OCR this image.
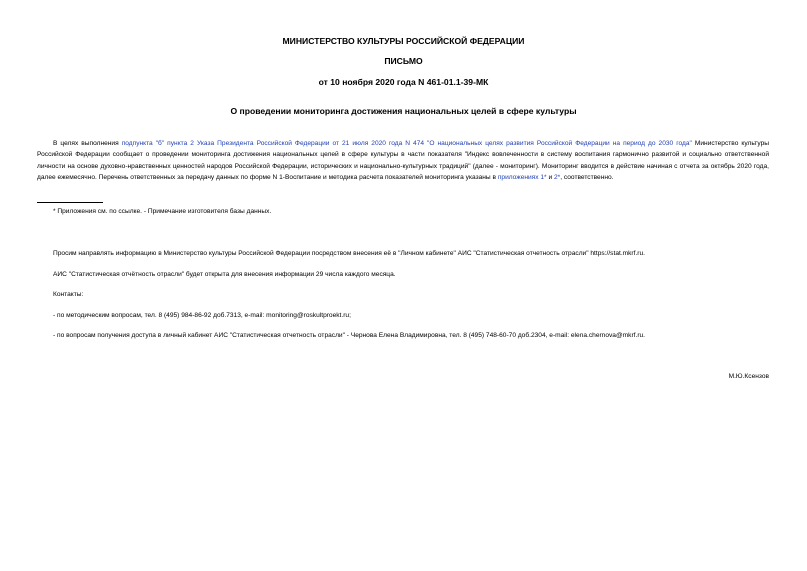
МИНИСТЕРСТВО КУЛЬТУРЫ РОССИЙСКОЙ ФЕДЕРАЦИИ
ПИСЬМО
от 10 ноября 2020 года N 461-01.1-39-МК
О проведении мониторинга достижения национальных целей в сфере культуры
В целях выполнения подпункта "б" пункта 2 Указа Президента Российской Федерации от 21 июля 2020 года N 474 "О национальных целях развития Российской Федерации на период до 2030 года" Министерство культуры Российской Федерации сообщает о проведении мониторинга достижения национальных целей в сфере культуры в части показателя "Индекс вовлеченности в систему воспитания гармонично развитой и социально ответственной личности на основе духовно-нравственных ценностей народов Российской Федерации, исторических и национально-культурных традиций" (далее - мониторинг). Мониторинг вводится в действие начиная с отчета за октябрь 2020 года, далее ежемесячно. Перечень ответственных за передачу данных по форме N 1-Воспитание и методика расчета показателей мониторинга указаны в приложениях 1* и 2*, соответственно.
* Приложения см. по ссылке. - Примечание изготовителя базы данных.
Просим направлять информацию в Министерство культуры Российской Федерации посредством внесения её в "Личном кабинете" АИС "Статистическая отчетность отрасли" https://stat.mkrf.ru.
АИС "Статистическая отчётность отрасли" будет открыта для внесения информации 29 числа каждого месяца.
Контакты:
- по методическим вопросам, тел. 8 (495) 984-86-92 доб.7313, e-mail: monitoring@roskultproekt.ru;
- по вопросам получения доступа в личный кабинет АИС "Статистическая отчетность отрасли" - Чернова Елена Владимировна, тел. 8 (495) 748-60-70 доб.2304, e-mail: elena.chernova@mkrf.ru.
М.Ю.Ксензов
